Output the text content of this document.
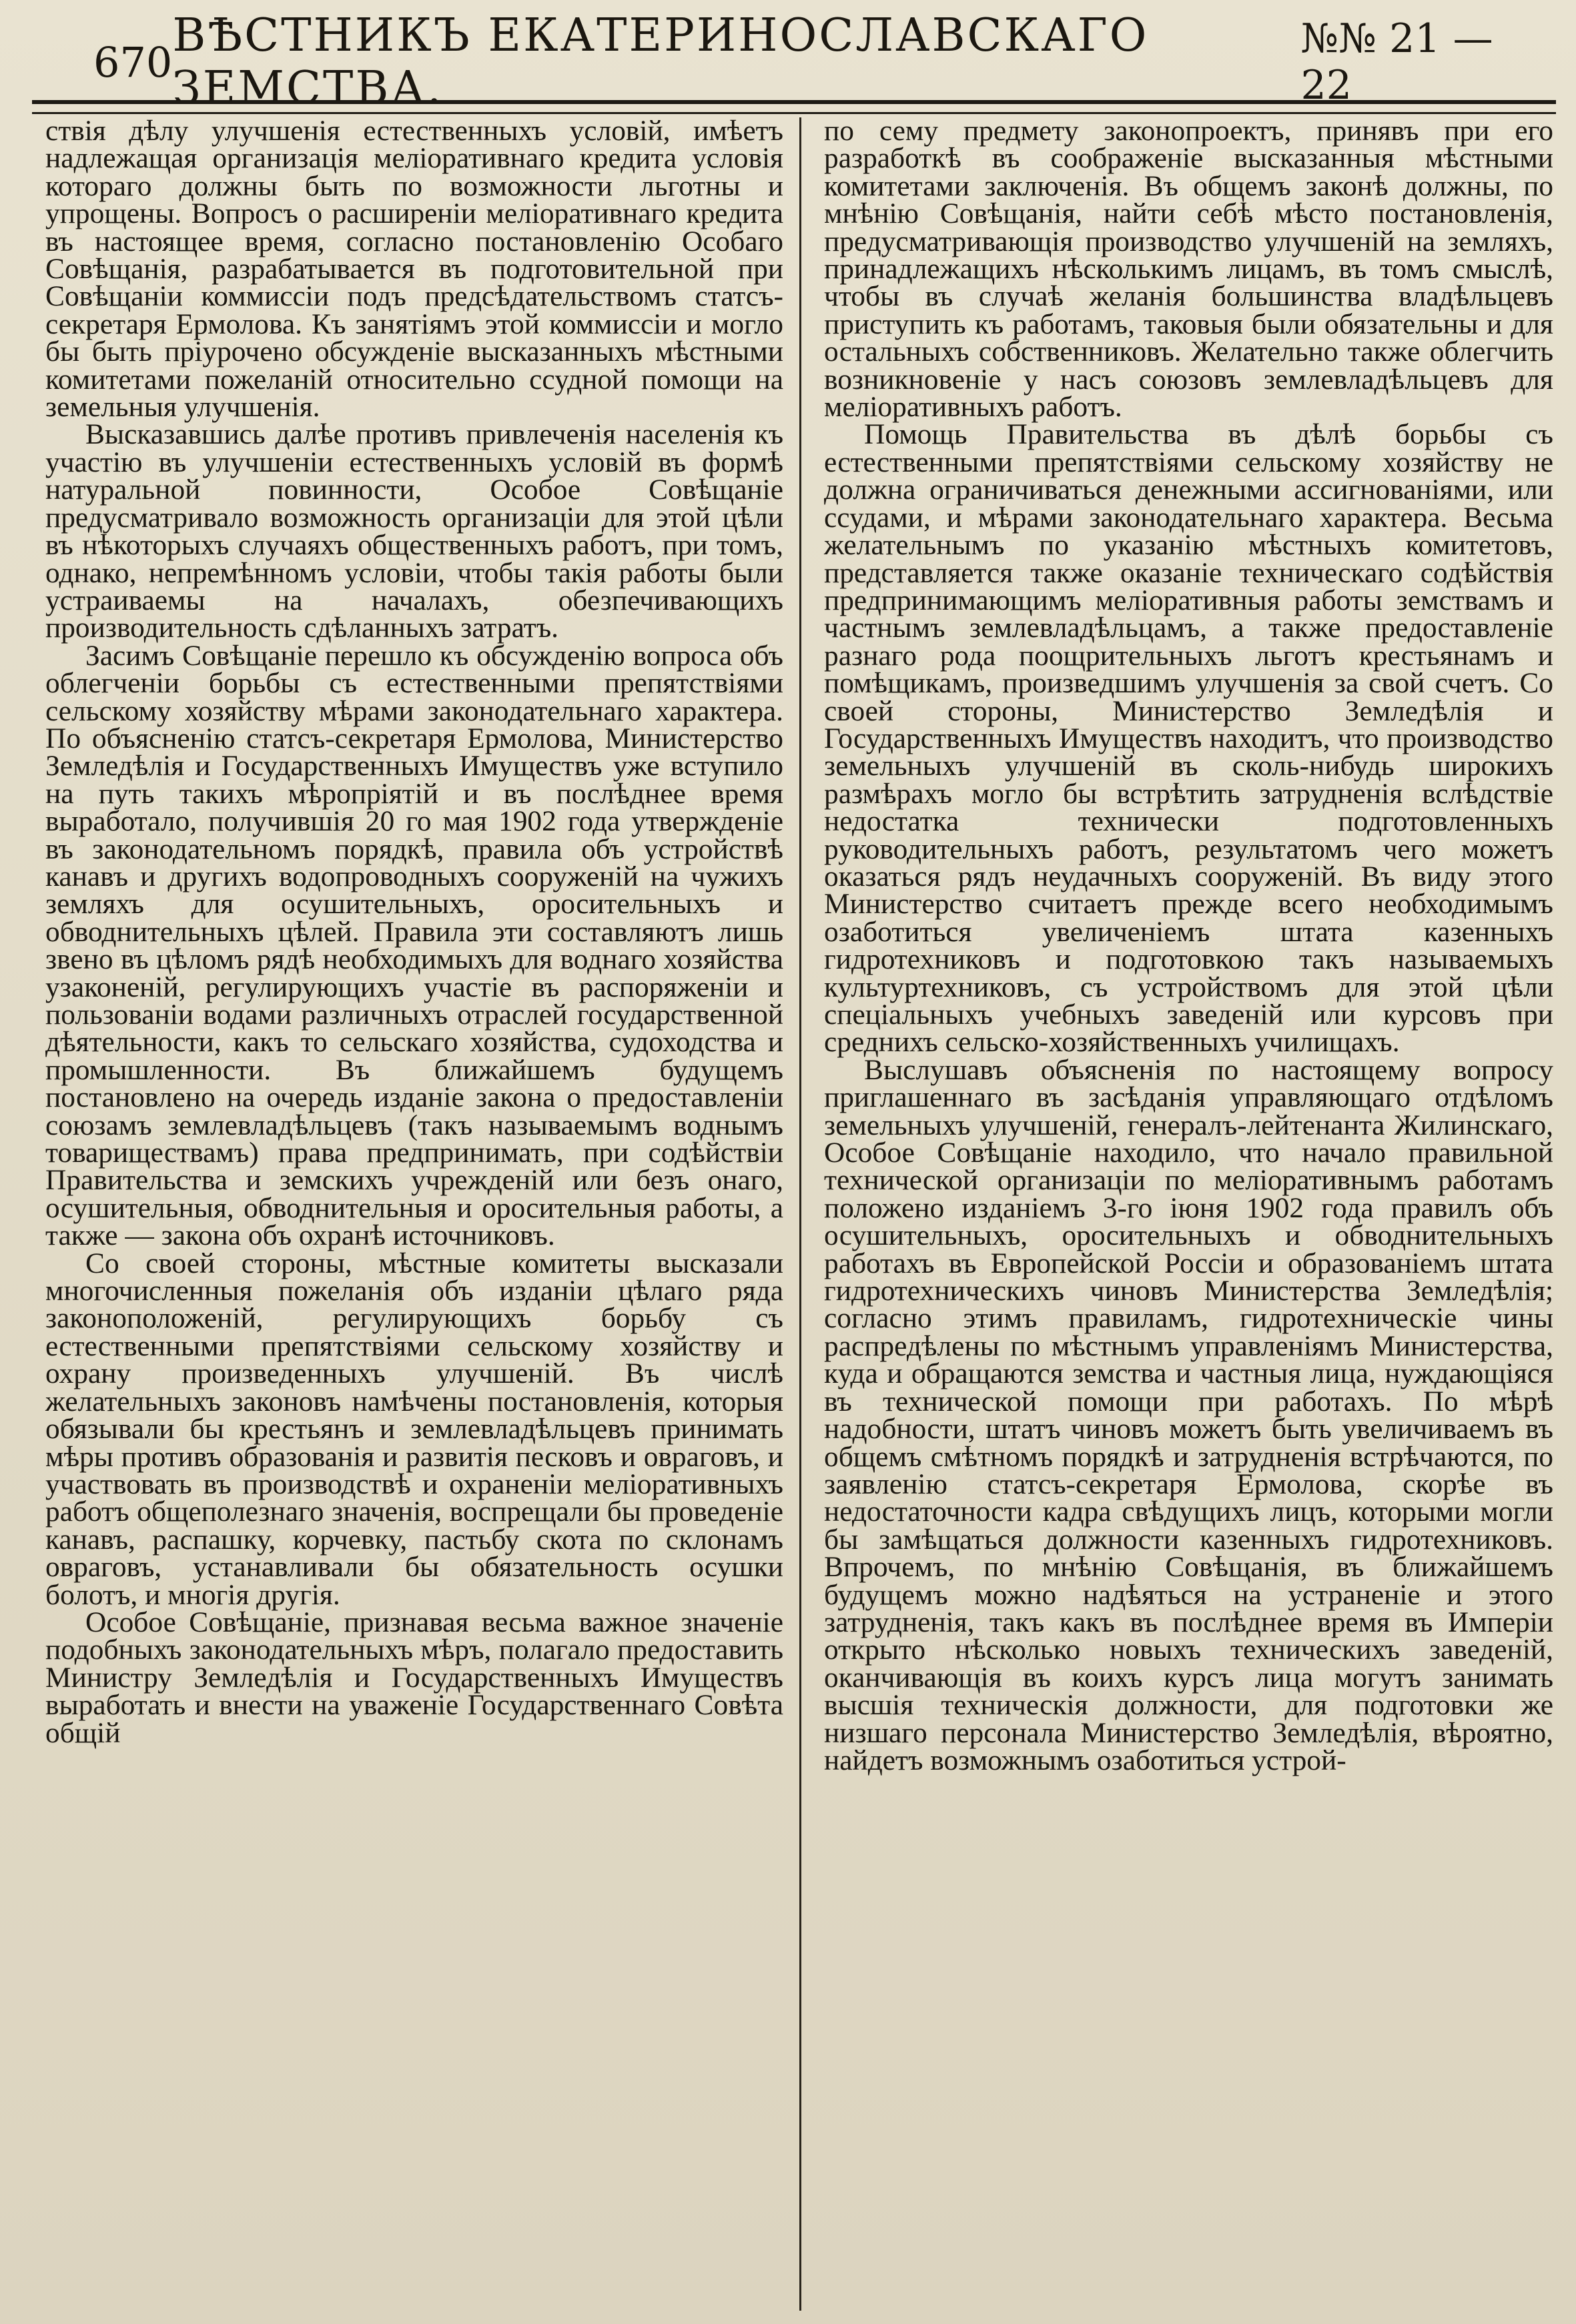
670 ВѢСТНИКЪ ЕКАТЕРИНОСЛАВСКАГО ЗЕМСТВА.
№№ 21 — 22

ствія дѣлу улучшенія естественныхъ условій, имѣетъ надлежащая организація меліоративнаго кредита условія котораго должны быть по возможности льготны и упрощены. Вопросъ о расширеніи меліоративнаго кредита въ настоящее время, согласно постановленію Особаго Совѣщанія, разрабатывается въ подготовительной при Совѣщаніи коммиссіи подъ предсѣдательствомъ статсъ-секретаря Ермолова. Къ занятіямъ этой коммиссіи и могло бы быть пріурочено обсужденіе высказанныхъ мѣстными комитетами пожеланій относительно ссудной помощи на земельныя улучшенія.

Высказавшись далѣе противъ привлеченія населенія къ участію въ улучшеніи естественныхъ условій въ формѣ натуральной повинности, Особое Совѣщаніе предусматривало возможность организаціи для этой цѣли въ нѣкоторыхъ случаяхъ общественныхъ работъ, при томъ, однако, непремѣнномъ условіи, чтобы такія работы были устраиваемы на началахъ, обезпечивающихъ производительность сдѣланныхъ затратъ.

Засимъ Совѣщаніе перешло къ обсужденію вопроса объ облегченіи борьбы съ естественными препятствіями сельскому хозяйству мѣрами законодательнаго характера. По объясненію статсъ-секретаря Ермолова, Министерство Земледѣлія и Государственныхъ Имуществъ уже вступило на путь такихъ мѣропріятій и въ послѣднее время выработало, получившія 20 го мая 1902 года утвержденіе въ законодательномъ порядкѣ, правила объ устройствѣ канавъ и другихъ водопроводныхъ сооруженій на чужихъ земляхъ для осушительныхъ, оросительныхъ и обводнительныхъ цѣлей. Правила эти составляютъ лишь звено въ цѣломъ рядѣ необходимыхъ для воднаго хозяйства узаконеній, регулирующихъ участіе въ распоряженіи и пользованіи водами различныхъ отраслей государственной дѣятельности, какъ то сельскаго хозяйства, судоходства и промышленности. Въ ближайшемъ будущемъ постановлено на очередь изданіе закона о предоставленіи союзамъ землевладѣльцевъ (такъ называемымъ воднымъ товариществамъ) права предпринимать, при содѣйствіи Правительства и земскихъ учрежденій или безъ онаго, осушительныя, обводнительныя и оросительныя работы, а также — закона объ охранѣ источниковъ.

Со своей стороны, мѣстные комитеты высказали многочисленныя пожеланія объ изданіи цѣлаго ряда законоположеній, регулирующихъ борьбу съ естественными препятствіями сельскому хозяйству и охрану произведенныхъ улучшеній. Въ числѣ желательныхъ законовъ намѣчены постановленія, которыя обязывали бы крестьянъ и землевладѣльцевъ принимать мѣры противъ образованія и развитія песковъ и овраговъ, и участвовать въ производствѣ и охраненіи меліоративныхъ работъ общеполезнаго значенія, воспрещали бы проведеніе канавъ, распашку, корчевку, пастьбу скота по склонамъ овраговъ, устанавливали бы обязательность осушки болотъ, и многія другія.

Особое Совѣщаніе, признавая весьма важное значеніе подобныхъ законодательныхъ мѣръ, полагало предоставить Министру Земледѣлія и Государственныхъ Имуществъ выработать и внести на уваженіе Государственнаго Совѣта общій

по сему предмету законопроектъ, принявъ при его разработкѣ въ соображеніе высказанныя мѣстными комитетами заключенія. Въ общемъ законѣ должны, по мнѣнію Совѣщанія, найти себѣ мѣсто постановленія, предусматривающія производство улучшеній на земляхъ, принадлежащихъ нѣсколькимъ лицамъ, въ томъ смыслѣ, чтобы въ случаѣ желанія большинства владѣльцевъ приступить къ работамъ, таковыя были обязательны и для остальныхъ собственниковъ. Желательно также облегчить возникновеніе у насъ союзовъ землевладѣльцевъ для меліоративныхъ работъ.

Помощь Правительства въ дѣлѣ борьбы съ естественными препятствіями сельскому хозяйству не должна ограничиваться денежными ассигнованіями, или ссудами, и мѣрами законодательнаго характера. Весьма желательнымъ по указанію мѣстныхъ комитетовъ, представляется также оказаніе техническаго содѣйствія предпринимающимъ меліоративныя работы земствамъ и частнымъ землевладѣльцамъ, а также предоставленіе разнаго рода поощрительныхъ льготъ крестьянамъ и помѣщикамъ, произведшимъ улучшенія за свой счетъ. Со своей стороны, Министерство Земледѣлія и Государственныхъ Имуществъ находитъ, что производство земельныхъ улучшеній въ сколь-нибудь широкихъ размѣрахъ могло бы встрѣтить затрудненія вслѣдствіе недостатка технически подготовленныхъ руководительныхъ работъ, результатомъ чего можетъ оказаться рядъ неудачныхъ сооруженій. Въ виду этого Министерство считаетъ прежде всего необходимымъ озаботиться увеличеніемъ штата казенныхъ гидротехниковъ и подготовкою такъ называемыхъ культуртехниковъ, съ устройствомъ для этой цѣли спеціальныхъ учебныхъ заведеній или курсовъ при среднихъ сельско-хозяйственныхъ училищахъ.

Выслушавъ объясненія по настоящему вопросу приглашеннаго въ засѣданія управляющаго отдѣломъ земельныхъ улучшеній, генералъ-лейтенанта Жилинскаго, Особое Совѣщаніе находило, что начало правильной технической организаціи по меліоративнымъ работамъ положено изданіемъ 3-го іюня 1902 года правилъ объ осушительныхъ, оросительныхъ и обводнительныхъ работахъ въ Европейской Россіи и образованіемъ штата гидротехническихъ чиновъ Министерства Земледѣлія; согласно этимъ правиламъ, гидротехническіе чины распредѣлены по мѣстнымъ управленіямъ Министерства, куда и обращаются земства и частныя лица, нуждающіяся въ технической помощи при работахъ. По мѣрѣ надобности, штатъ чиновъ можетъ быть увеличиваемъ въ общемъ смѣтномъ порядкѣ и затрудненія встрѣчаются, по заявленію статсъ-секретаря Ермолова, скорѣе въ недостаточности кадра свѣдущихъ лицъ, которыми могли бы замѣщаться должности казенныхъ гидротехниковъ. Впрочемъ, по мнѣнію Совѣщанія, въ ближайшемъ будущемъ можно надѣяться на устраненіе и этого затрудненія, такъ какъ въ послѣднее время въ Имперіи открыто нѣсколько новыхъ техническихъ заведеній, оканчивающія въ коихъ курсъ лица могутъ занимать высшія техническія должности, для подготовки же низшаго персонала Министерство Земледѣлія, вѣроятно, найдетъ возможнымъ озаботиться устрой-
